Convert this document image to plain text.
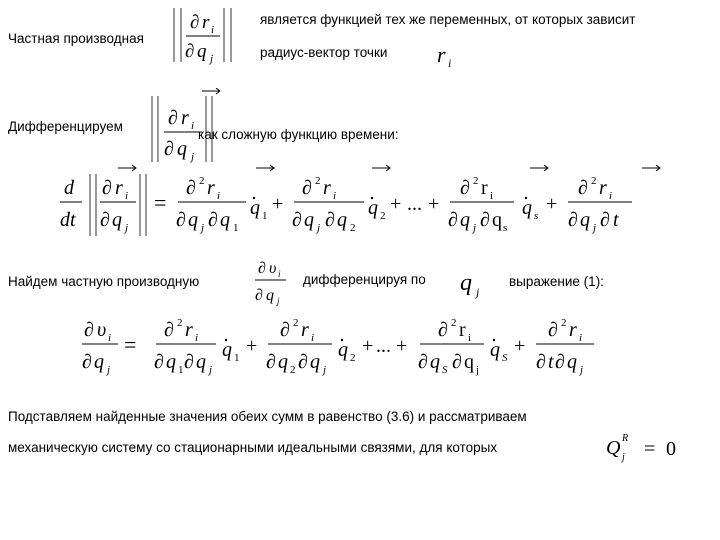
Частная производная
является функцией тех же переменных, от которых зависит
радиус-вектор точки
∂ r i
∂ q j	r i
Дифференцируем
как сложную функцию времени:
∂ r i
∂ q j
d
dt
∂ r i
∂ q j
=
∂ 2 r i
∂ q j ∂ q 1
q 1
+
∂ 2 r i
∂ q j ∂ q 2
q 2
+ ... +
∂ 2 r i
∂ q j ∂ q s
q s
+
∂ 2 r i
∂ q j ∂ t
Найдем частную производную
∂ υ i
∂ q j
дифференцируя по q j
выражение (1):
∂ υ i
∂ q j
=
∂ 2 r i
∂ q 1 ∂ q j
q 1
+
∂ 2 r i
∂ q 2 ∂ q j
q 2
+ ... +
∂ 2 r i
∂ q S ∂ q j
q S
+
∂ 2 r i
∂ t ∂ q j
Подставляем найденные значения обеих сумм в равенство (3.6) и рассматриваем
механическую систему со стационарными идеальными связями, для которых	Q R
j = 0
